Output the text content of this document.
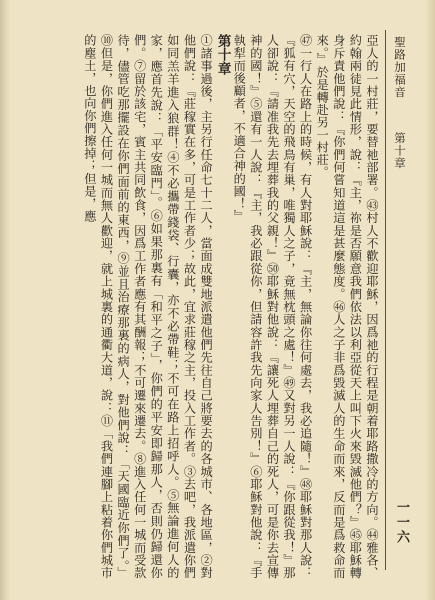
聖路加福音
第十章
一一六

亞人的一村莊，要替祂部署。㊸村人不歡迎耶穌，因爲祂的行程是朝着耶路撒冷的方向。㊹雅各、約翰兩徒見此情形，說：『主，祢是否願意我們依法以利亞從天上叫下火來毀滅他們？』㊺耶穌轉身斥責他們說：『你們何嘗知道這是甚麼態度。㊻人之子非爲毀滅人的生命而來，反而是爲救命而來。』於是轉赴另一村莊。

㊼一行人在路上的時候，有人對耶穌說：『主，無論你往何處去，我必追隨！』㊽耶穌對那人說：『狐有穴，天空的飛鳥有巢，唯獨人之子，竟無枕頭之處！』㊾又對另一人說：『你跟從我！』那人卻說：『請准我先去埋葬我的父親！』㊿耶穌對他說：『讓死人埋葬自己的死人，可是你去宣傳神的國！』⑤還有一人說：『主，我必跟從你，但請容許我先向家人告別！』⑥耶穌對他說：『手執犁而後顧者，不適合神的國！』

第十章

①諸事過後，主另行任命七十二人，當面成雙地派遣他們先往自己將要去的各城市、各地區，②對他們說：『莊稼實在多，可是工作者少；故此，宜求莊稼之主，投入工作者。③去吧，我派遣你們如同羔羊進入狼群！④不必攜帶錢袋、行囊，亦不必帶鞋；不可在路上招呼人。⑤無論進何人的家，應首先說：「平安臨門」。⑥如果那裏有「和平之子」，你們的平安即歸那人，否則仍歸還你們。⑦留於該宅，賓主共同飲食，因爲工作者應有其酬報；不可遷來遷去。⑧進入任何一城而受款待，儘管吃那擺設在你們面前的東西，⑨並且治療那裏的病人，對他們說：「天國臨近你們了。」⑩但是，你們進入任何一城而無人歡迎，就上城裏的通衢大道，說：⑪「我們連腳上粘着你們城市的塵土，也向你們擦掉；但是，應
